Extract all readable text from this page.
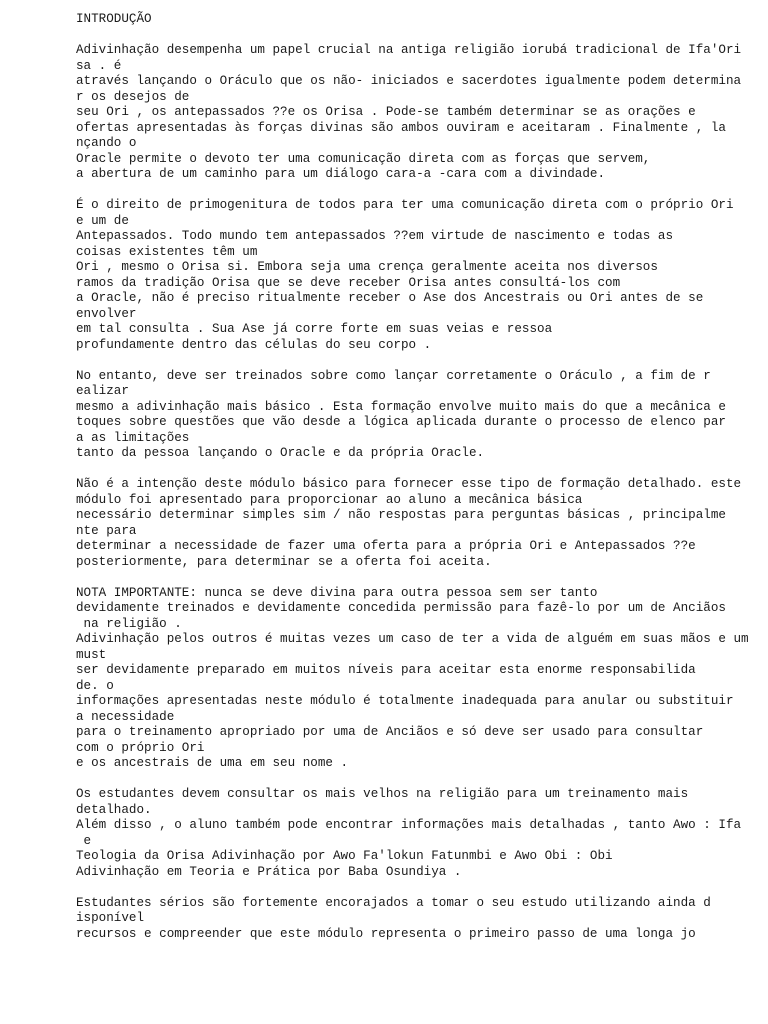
INTRODUÇÃO
Adivinhação desempenha um papel crucial na antiga religião iorubá tradicional de Ifa'Ori
sa . é
através lançando o Oráculo que os não- iniciados e sacerdotes igualmente podem determina
r os desejos de
seu Ori , os antepassados ??e os Orisa . Pode-se também determinar se as orações e
ofertas apresentadas às forças divinas são ambos ouviram e aceitaram . Finalmente , la
nçando o
Oracle permite o devoto ter uma comunicação direta com as forças que servem,
a abertura de um caminho para um diálogo cara-a -cara com a divindade.
É o direito de primogenitura de todos para ter uma comunicação direta com o próprio Ori
e um de
Antepassados. Todo mundo tem antepassados ??em virtude de nascimento e todas as
coisas existentes têm um
Ori , mesmo o Orisa si. Embora seja uma crença geralmente aceita nos diversos
ramos da tradição Orisa que se deve receber Orisa antes consultá-los com
a Oracle, não é preciso ritualmente receber o Ase dos Ancestrais ou Ori antes de se
envolver
em tal consulta . Sua Ase já corre forte em suas veias e ressoa
profundamente dentro das células do seu corpo .
No entanto, deve ser treinados sobre como lançar corretamente o Oráculo , a fim de r
ealizar
mesmo a adivinhação mais básico . Esta formação envolve muito mais do que a mecânica e
toques sobre questões que vão desde a lógica aplicada durante o processo de elenco par
a as limitações
tanto da pessoa lançando o Oracle e da própria Oracle.
Não é a intenção deste módulo básico para fornecer esse tipo de formação detalhado. este
módulo foi apresentado para proporcionar ao aluno a mecânica básica
necessário determinar simples sim / não respostas para perguntas básicas , principalme
nte para
determinar a necessidade de fazer uma oferta para a própria Ori e Antepassados ??e
posteriormente, para determinar se a oferta foi aceita.
NOTA IMPORTANTE: nunca se deve divina para outra pessoa sem ser tanto
devidamente treinados e devidamente concedida permissão para fazê-lo por um de Anciãos
na religião .
Adivinhação pelos outros é muitas vezes um caso de ter a vida de alguém em suas mãos e um
must
ser devidamente preparado em muitos níveis para aceitar esta enorme responsabilida
de. o
informações apresentadas neste módulo é totalmente inadequada para anular ou substituir
a necessidade
para o treinamento apropriado por uma de Anciãos e só deve ser usado para consultar
com o próprio Ori
e os ancestrais de uma em seu nome .
Os estudantes devem consultar os mais velhos na religião para um treinamento mais
detalhado.
Além disso , o aluno também pode encontrar informações mais detalhadas , tanto Awo : Ifa
e
Teologia da Orisa Adivinhação por Awo Fa'lokun Fatunmbi e Awo Obi : Obi
Adivinhação em Teoria e Prática por Baba Osundiya .
Estudantes sérios são fortemente encorajados a tomar o seu estudo utilizando ainda d
isponível
recursos e compreender que este módulo representa o primeiro passo de uma longa jo
